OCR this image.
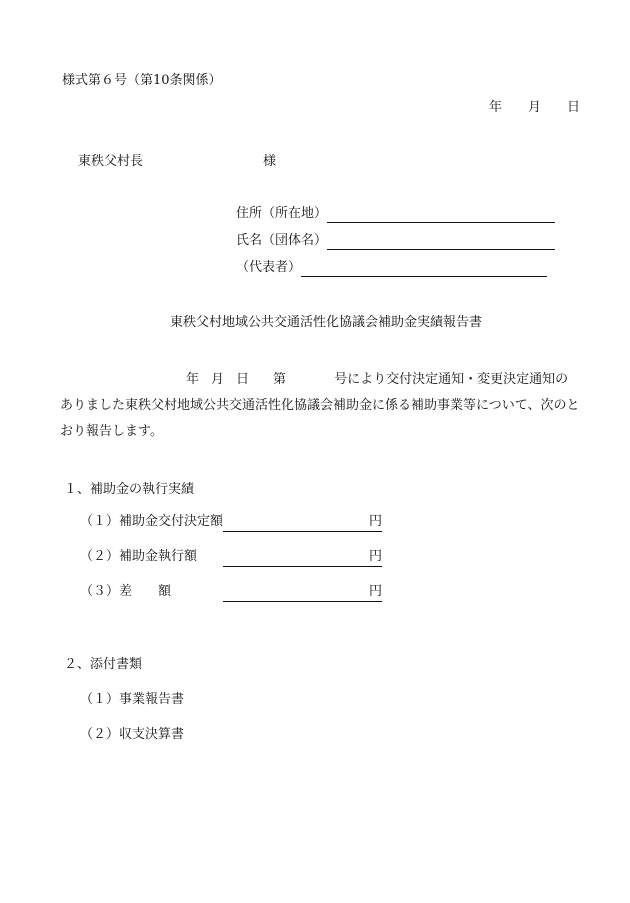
様式第６号（第10条関係）
年 月 日
東秩父村長	様
住所（所在地）
氏名（団体名）
（代表者）
東秩父村地域公共交通活性化協議会補助金実績報告書
年 月 日 第	号により交付決定通知・変更決定通知のありました東秩父村地域公共交通活性化協議会補助金に係る補助事業等について、次のとおり報告します。
１、補助金の執行実績
（１）補助金交付決定額	円
（２）補助金執行額	円
（３）差　　額	円
２、添付書類
（１）事業報告書
（２）収支決算書
